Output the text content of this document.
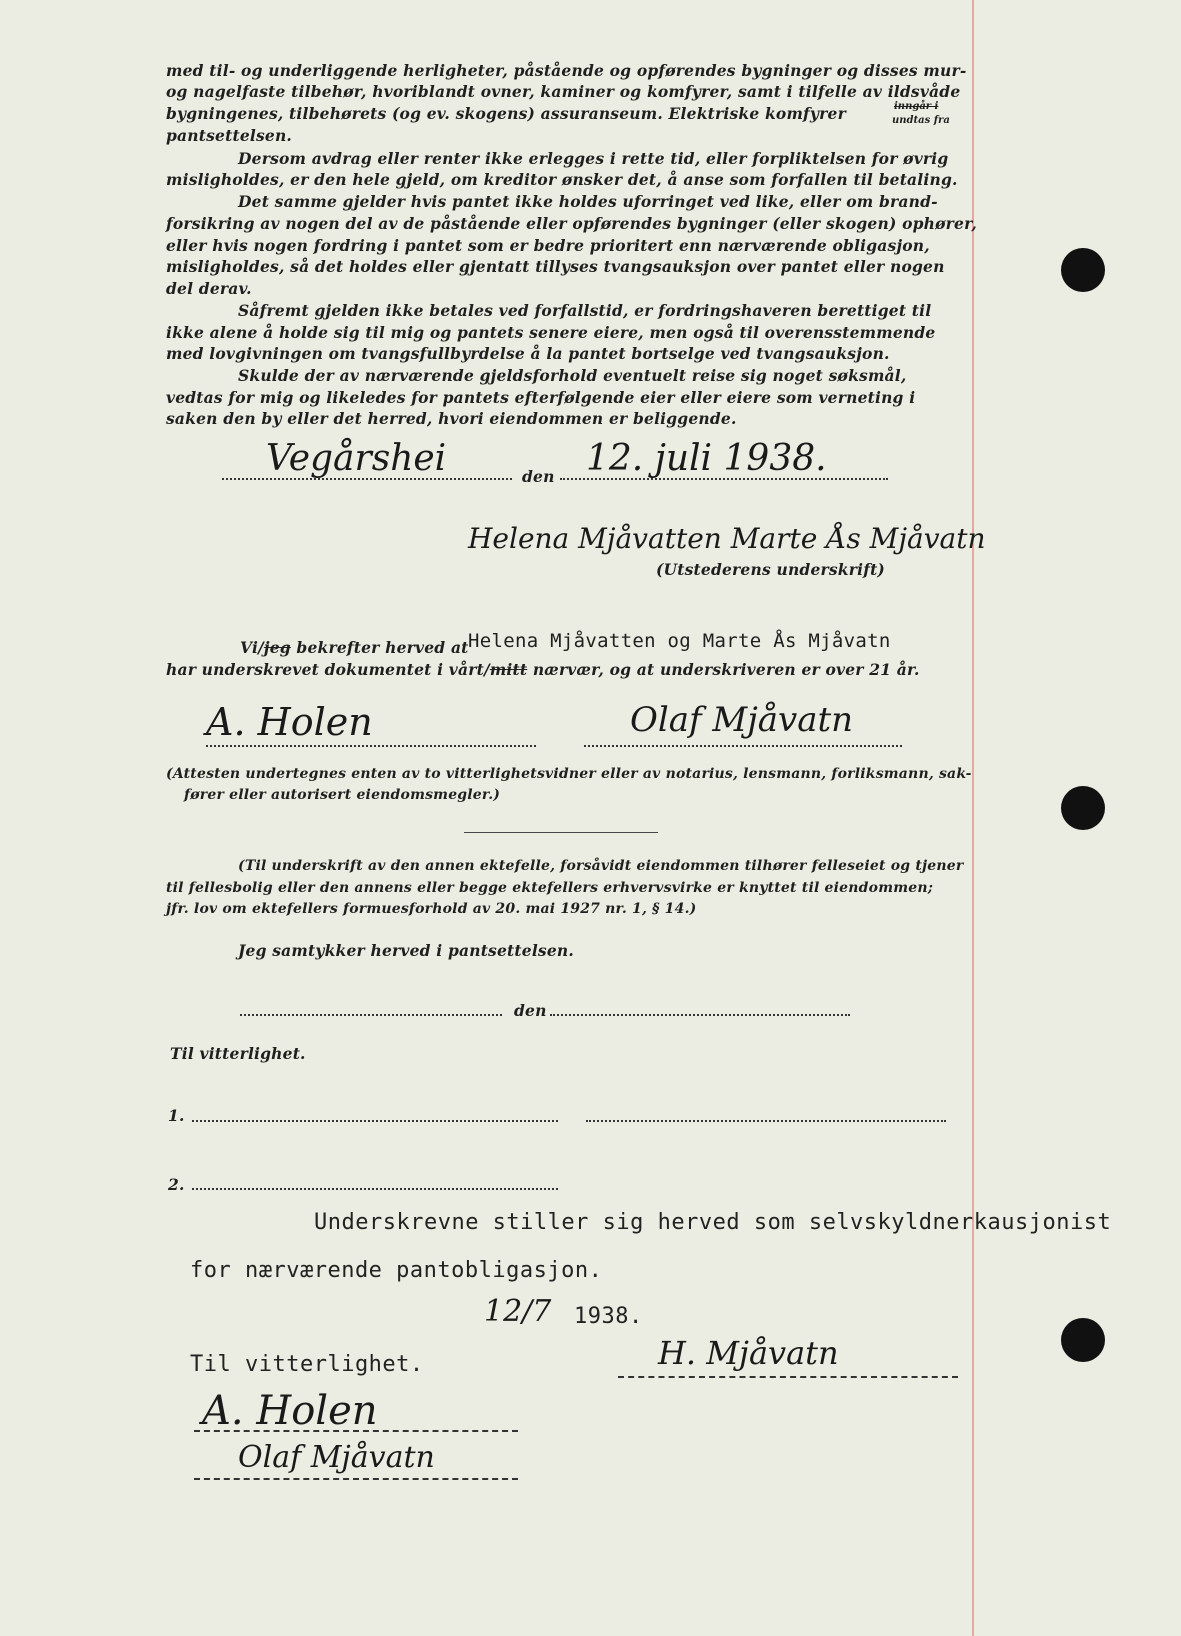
med til- og underliggende herligheter, påstående og opførendes bygninger og disses mur-
og nagelfaste tilbehør, hvoriblandt ovner, kaminer og komfyrer, samt i tilfelle av ildsvåde
bygningenes, tilbehørets (og ev. skogens) assuranseum. Elektriske komfyrer	inngår i
undtas fra
pantsettelsen.
Dersom avdrag eller renter ikke erlegges i rette tid, eller forpliktelsen for øvrig
misligholdes, er den hele gjeld, om kreditor ønsker det, å anse som forfallen til betaling.
Det samme gjelder hvis pantet ikke holdes uforringet ved like, eller om brand-
forsikring av nogen del av de påstående eller opførendes bygninger (eller skogen) ophører,
eller hvis nogen fordring i pantet som er bedre prioritert enn nærværende obligasjon,
misligholdes, så det holdes eller gjentatt tillyses tvangsauksjon over pantet eller nogen
del derav.
Såfremt gjelden ikke betales ved forfallstid, er fordringshaveren berettiget til
ikke alene å holde sig til mig og pantets senere eiere, men også til overensstemmende
med lovgivningen om tvangsfullbyrdelse å la pantet bortselge ved tvangsauksjon.
Skulde der av nærværende gjeldsforhold eventuelt reise sig noget søksmål,
vedtas for mig og likeledes for pantets efterfølgende eier eller eiere som verneting i
saken den by eller det herred, hvori eiendommen er beliggende.
Vegårshei	den 12. juli 1938.
Helena Mjåvatten Marte Ås Mjåvatn
(Utstederens underskrift)
Vi/jeg bekrefter herved at Helena Mjåvatten og Marte Ås Mjåvatn
har underskrevet dokumentet i vårt/mitt nærvær, og at underskriveren er over 21 år.
A. Holen	Olaf Mjåvatn
(Attesten undertegnes enten av to vitterlighetsvidner eller av notarius, lensmann, forliksmann, sak-
fører eller autorisert eiendomsmegler.)
(Til underskrift av den annen ektefelle, forsåvidt eiendommen tilhører felleseiet og tjener
til fellesbolig eller den annens eller begge ektefellers erhvervsvirke er knyttet til eiendommen;
jfr. lov om ektefellers formuesforhold av 20. mai 1927 nr. 1, § 14.)
Jeg samtykker herved i pantsettelsen.
den
Til vitterlighet.
1.
2.
Underskrevne stiller sig herved som selvskyldnerkausjonist
for nærværende pantobligasjon.
12/7 1938.
H. Mjåvatn
Til vitterlighet.
A. Holen
Olaf Mjåvatn
